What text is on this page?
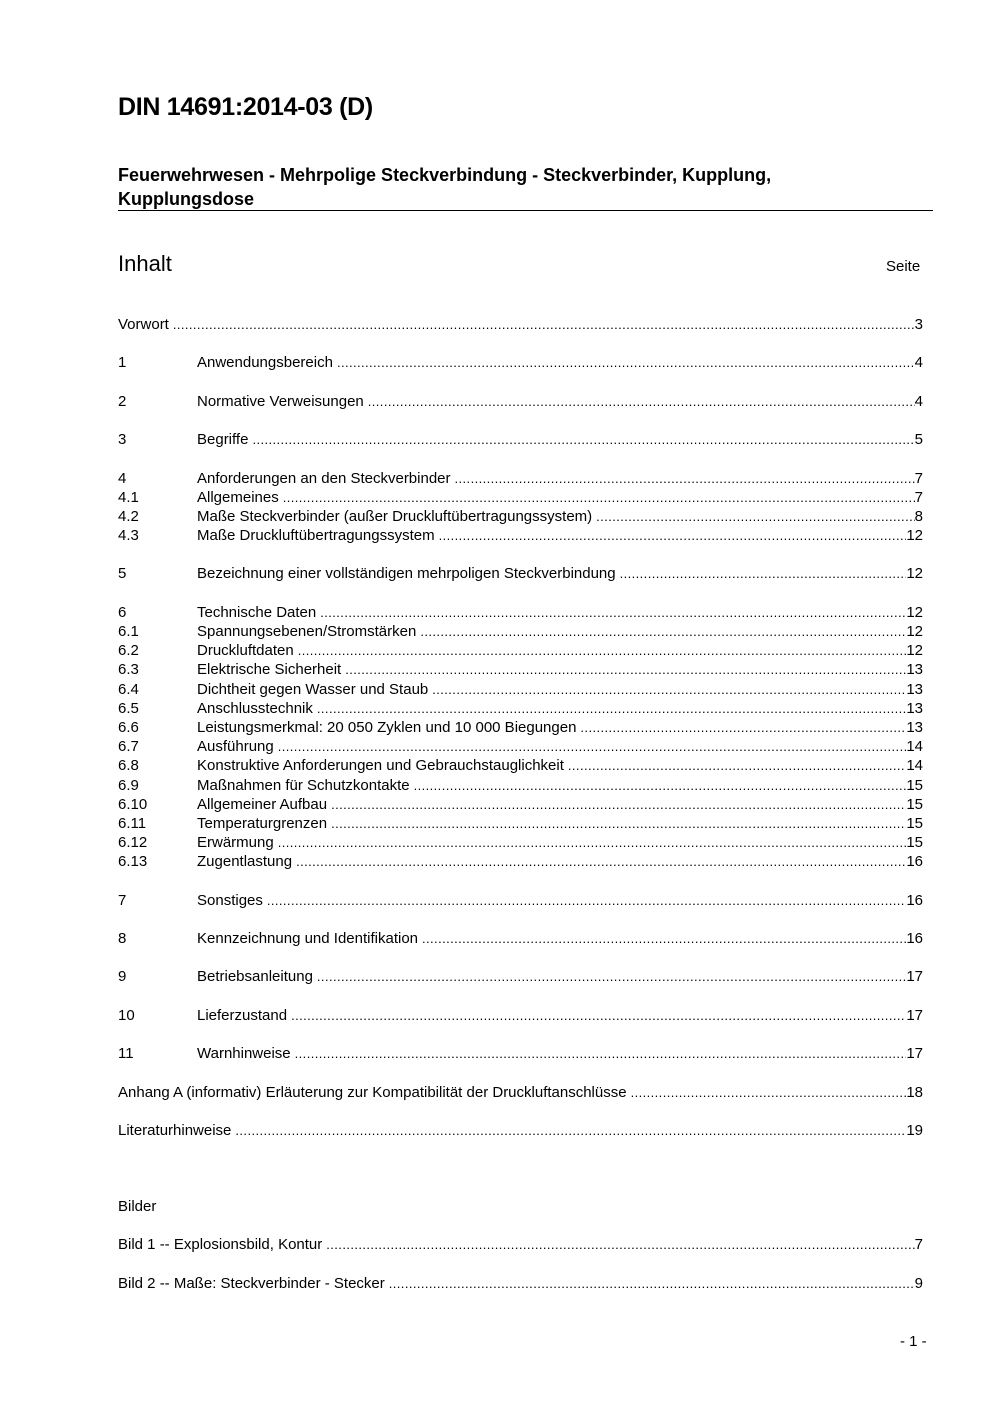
DIN 14691:2014-03 (D)
Feuerwehrwesen - Mehrpolige Steckverbindung - Steckverbinder, Kupplung, Kupplungsdose
Inhalt	Seite
Vorwort .....	3
1	Anwendungsbereich .....	4
2	Normative Verweisungen .....	4
3	Begriffe .....	5
4	Anforderungen an den Steckverbinder .....	7
4.1	Allgemeines .....	7
4.2	Maße Steckverbinder (außer Druckluftübertragungssystem) .....	8
4.3	Maße Druckluftübertragungssystem .....	12
5	Bezeichnung einer vollständigen mehrpoligen Steckverbindung .....	12
6	Technische Daten .....	12
6.1	Spannungsebenen/Stromstärken .....	12
6.2	Druckluftdaten .....	12
6.3	Elektrische Sicherheit .....	13
6.4	Dichtheit gegen Wasser und Staub .....	13
6.5	Anschlusstechnik .....	13
6.6	Leistungsmerkmal: 20 050 Zyklen und 10 000 Biegungen .....	13
6.7	Ausführung .....	14
6.8	Konstruktive Anforderungen und Gebrauchstauglichkeit .....	14
6.9	Maßnahmen für Schutzkontakte .....	15
6.10	Allgemeiner Aufbau .....	15
6.11	Temperaturgrenzen .....	15
6.12	Erwärmung .....	15
6.13	Zugentlastung .....	16
7	Sonstiges .....	16
8	Kennzeichnung und Identifikation .....	16
9	Betriebsanleitung .....	17
10	Lieferzustand .....	17
11	Warnhinweise .....	17
Anhang A (informativ) Erläuterung zur Kompatibilität der Druckluftanschlüsse .....	18
Literaturhinweise .....	19
Bilder
Bild 1 -- Explosionsbild, Kontur .....	7
Bild 2 -- Maße: Steckverbinder - Stecker .....	9
- 1 -
